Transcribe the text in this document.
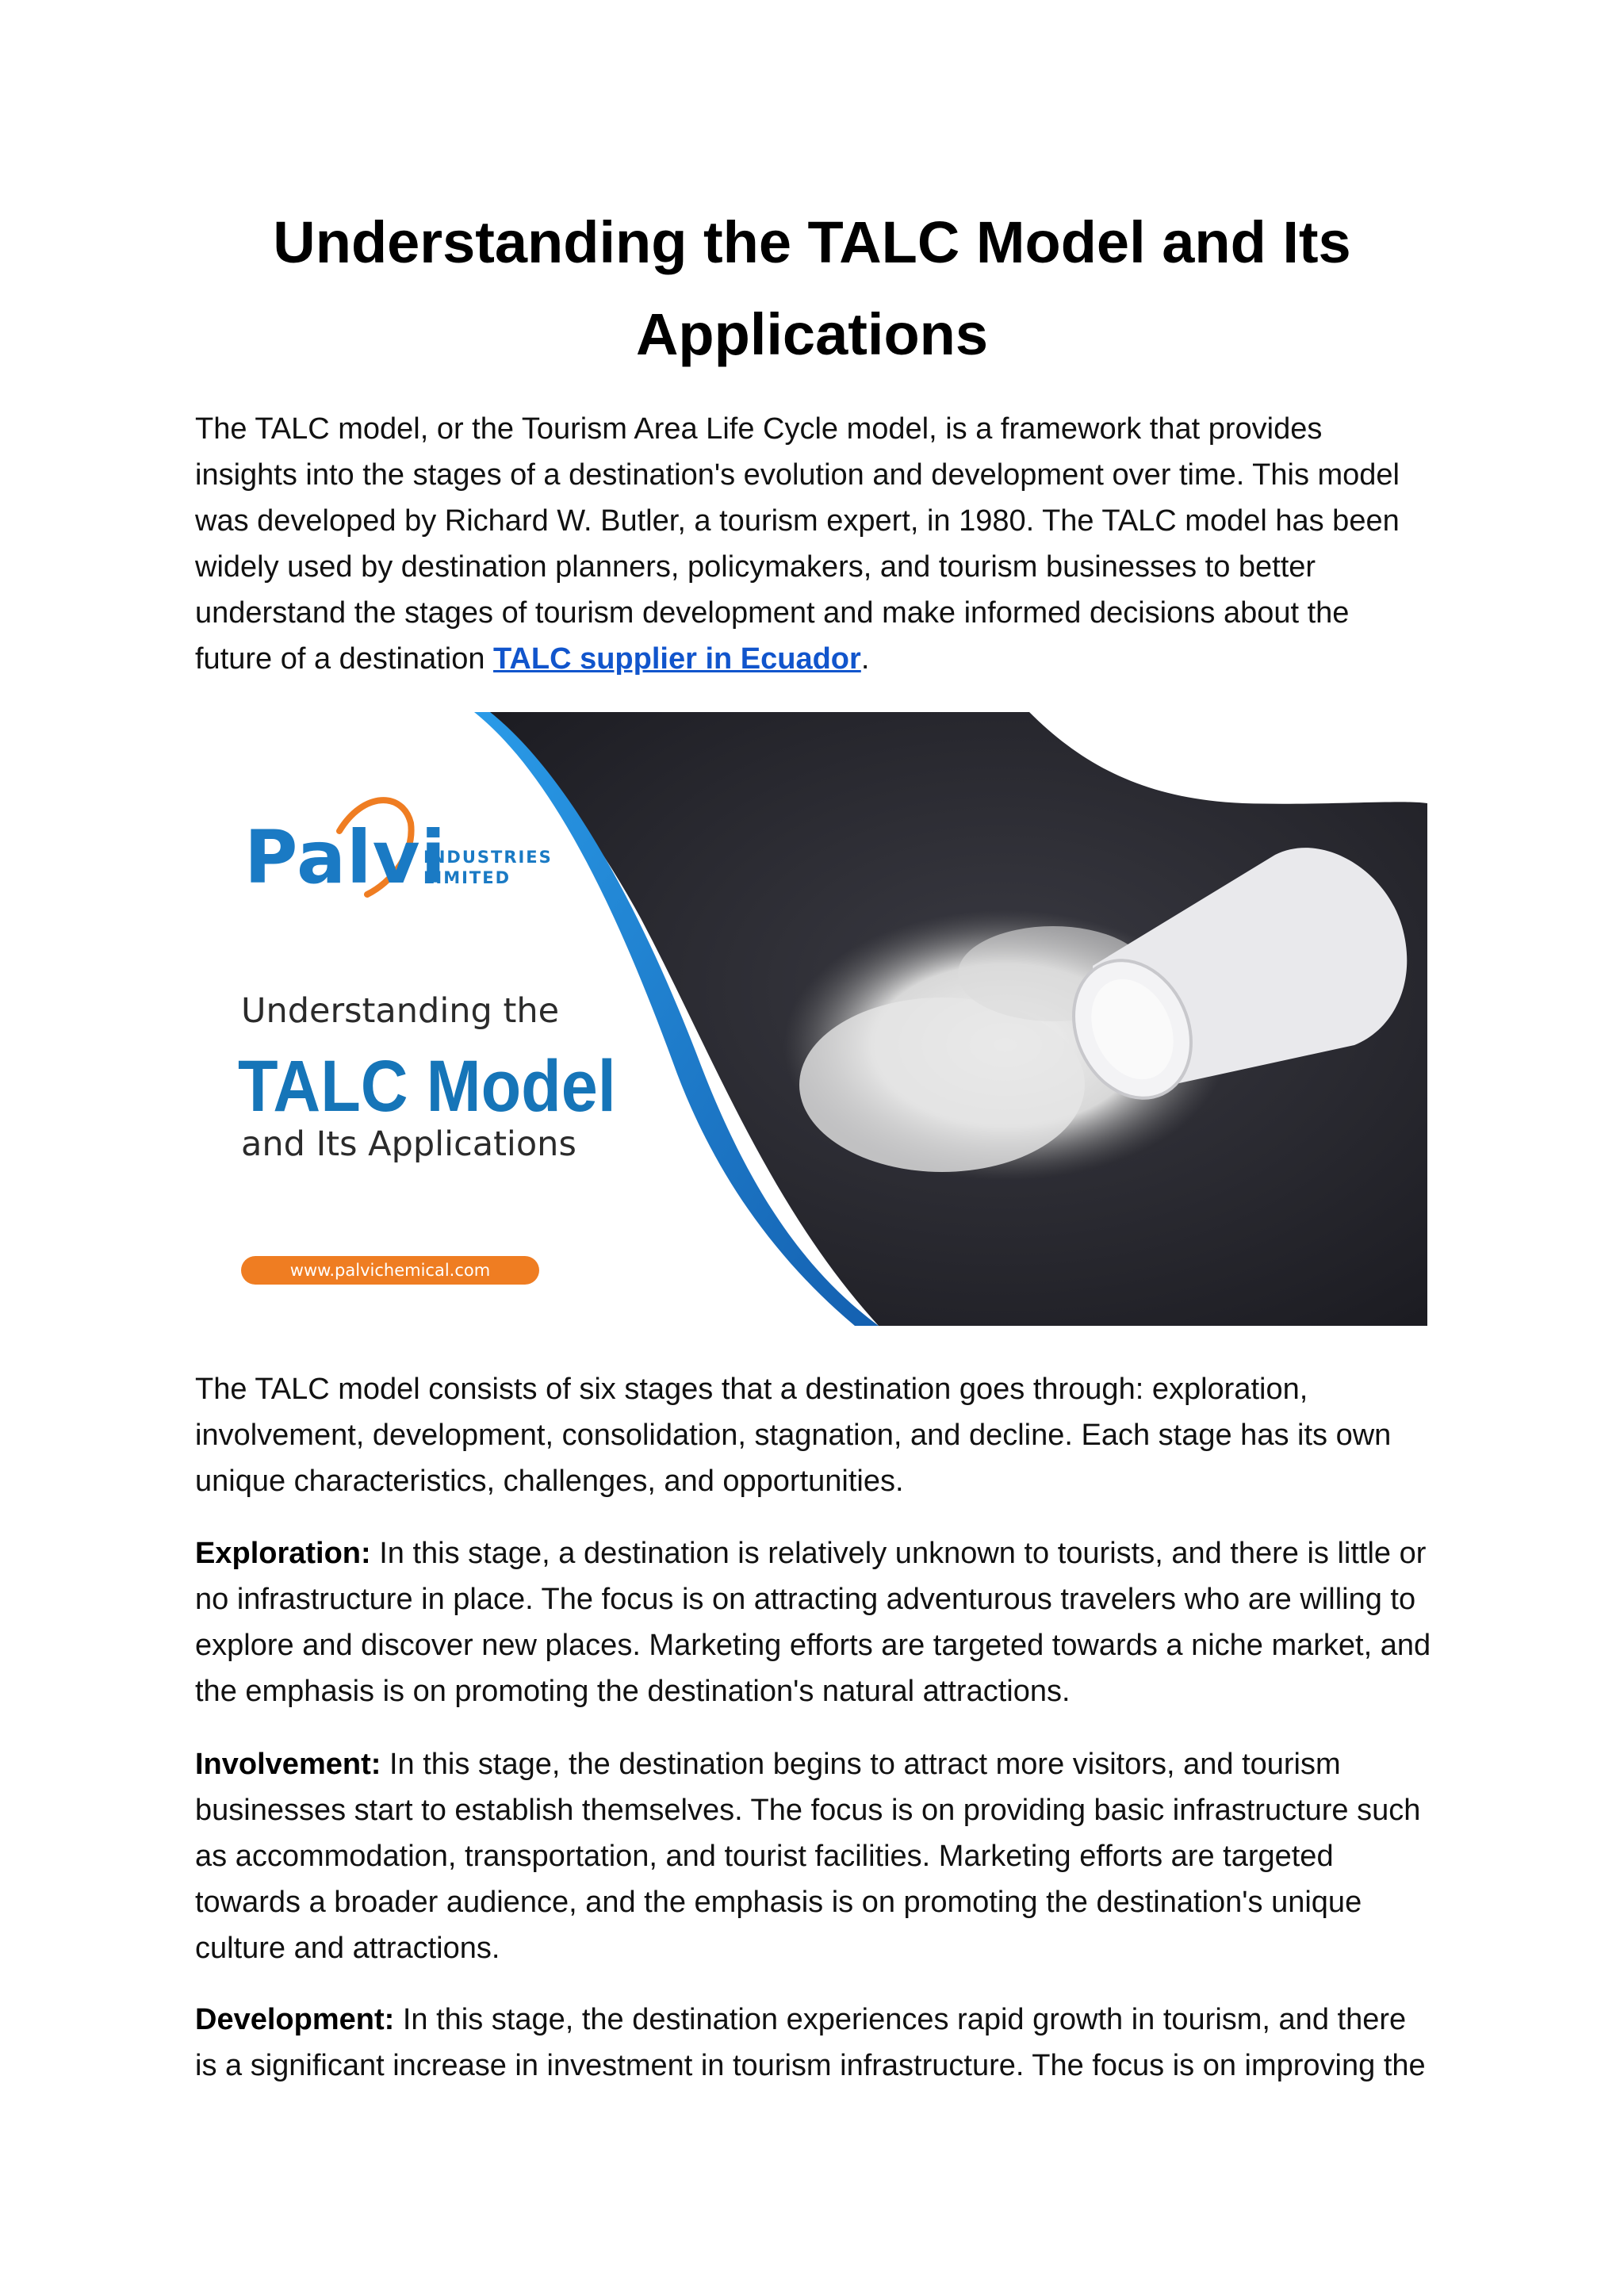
Understanding the TALC Model and Its Applications

The TALC model, or the Tourism Area Life Cycle model, is a framework that provides insights into the stages of a destination's evolution and development over time. This model was developed by Richard W. Butler, a tourism expert, in 1980. The TALC model has been widely used by destination planners, policymakers, and tourism businesses to better understand the stages of tourism development and make informed decisions about the future of a destination TALC supplier in Ecuador.

Palvi
INDUSTRIES
LIMITED
Understanding the
TALC Model
and Its Applications
www.palvichemical.com

The TALC model consists of six stages that a destination goes through: exploration, involvement, development, consolidation, stagnation, and decline. Each stage has its own unique characteristics, challenges, and opportunities.

Exploration: In this stage, a destination is relatively unknown to tourists, and there is little or no infrastructure in place. The focus is on attracting adventurous travelers who are willing to explore and discover new places. Marketing efforts are targeted towards a niche market, and the emphasis is on promoting the destination's natural attractions.

Involvement: In this stage, the destination begins to attract more visitors, and tourism businesses start to establish themselves. The focus is on providing basic infrastructure such as accommodation, transportation, and tourist facilities. Marketing efforts are targeted towards a broader audience, and the emphasis is on promoting the destination's unique culture and attractions.

Development: In this stage, the destination experiences rapid growth in tourism, and there is a significant increase in investment in tourism infrastructure. The focus is on improving the
